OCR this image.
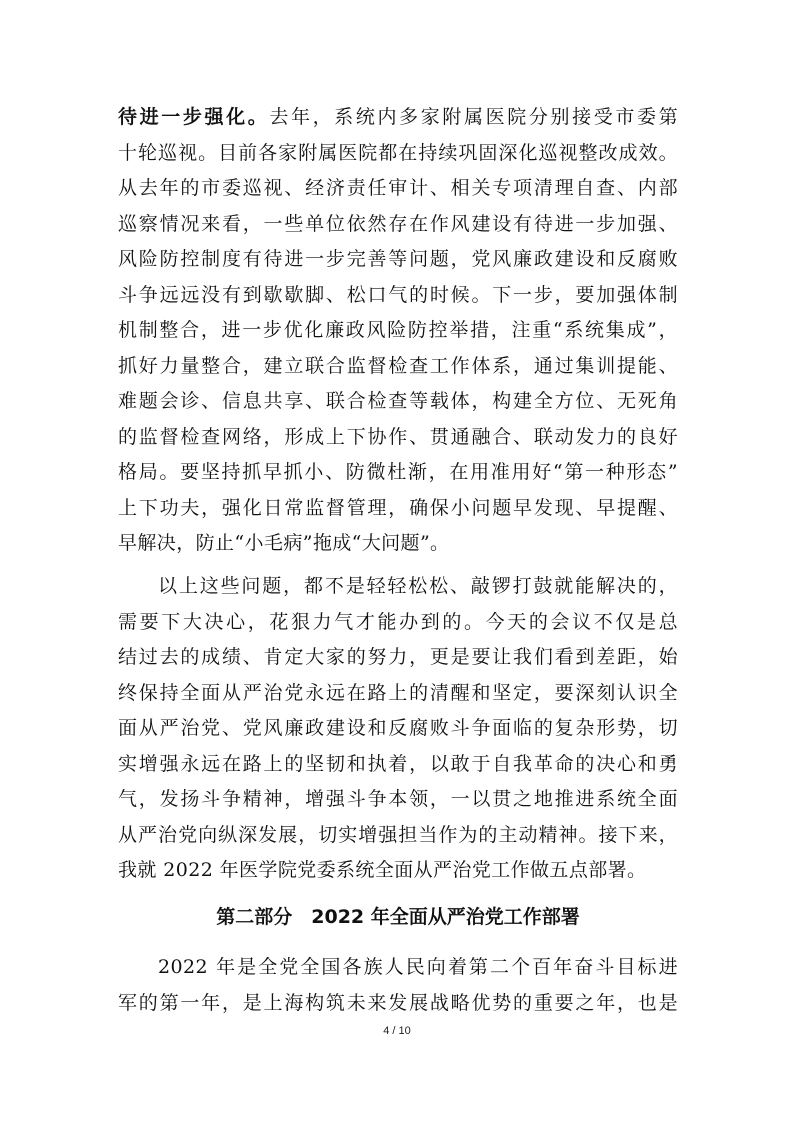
待进一步强化。去年，系统内多家附属医院分别接受市委第
十轮巡视。目前各家附属医院都在持续巩固深化巡视整改成效。
从去年的市委巡视、经济责任审计、相关专项清理自查、内部
巡察情况来看，一些单位依然存在作风建设有待进一步加强、
风险防控制度有待进一步完善等问题，党风廉政建设和反腐败
斗争远远没有到歇歇脚、松口气的时候。下一步，要加强体制
机制整合，进一步优化廉政风险防控举措，注重“系统集成”，
抓好力量整合，建立联合监督检查工作体系，通过集训提能、
难题会诊、信息共享、联合检查等载体，构建全方位、无死角
的监督检查网络，形成上下协作、贯通融合、联动发力的良好
格局。要坚持抓早抓小、防微杜渐，在用准用好“第一种形态”
上下功夫，强化日常监督管理，确保小问题早发现、早提醒、
早解决，防止“小毛病”拖成“大问题”。
以上这些问题，都不是轻轻松松、敲锣打鼓就能解决的，
需要下大决心，花狠力气才能办到的。今天的会议不仅是总
结过去的成绩、肯定大家的努力，更是要让我们看到差距，始
终保持全面从严治党永远在路上的清醒和坚定，要深刻认识全
面从严治党、党风廉政建设和反腐败斗争面临的复杂形势，切
实增强永远在路上的坚韧和执着，以敢于自我革命的决心和勇
气，发扬斗争精神，增强斗争本领，一以贯之地推进系统全面
从严治党向纵深发展，切实增强担当作为的主动精神。接下来，
我就 2022 年医学院党委系统全面从严治党工作做五点部署。
第二部分　2022 年全面从严治党工作部署
2022 年是全党全国各族人民向着第二个百年奋斗目标进
军的第一年，是上海构筑未来发展战略优势的重要之年，也是
4 / 10
